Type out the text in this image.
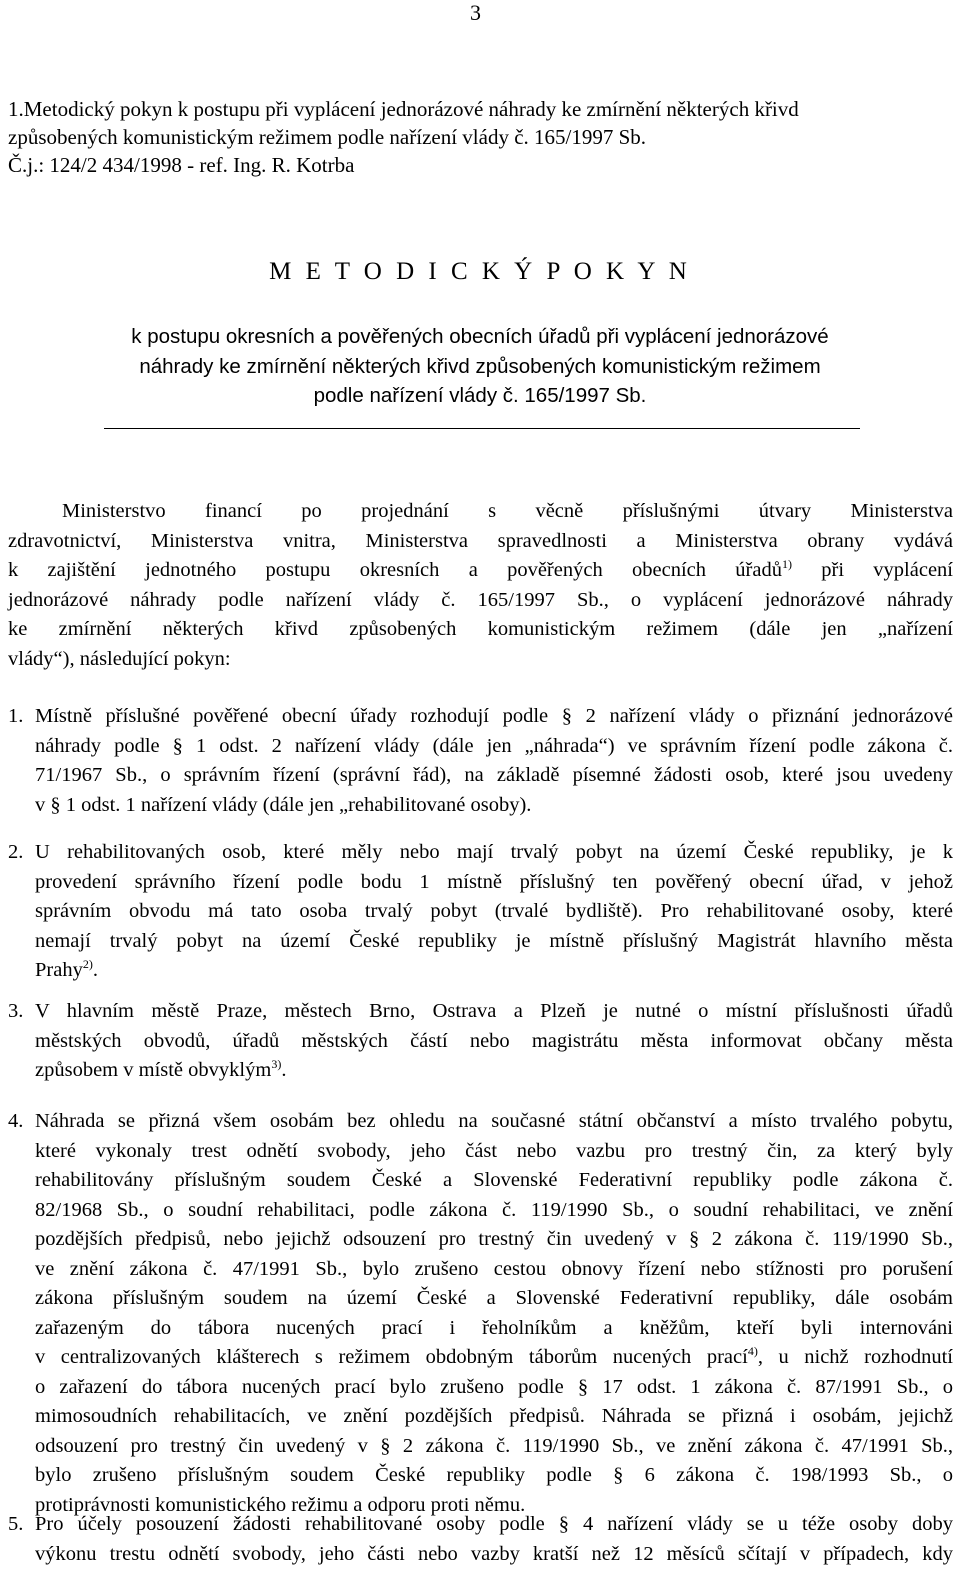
3
1.Metodický pokyn k postupu při vyplácení jednorázové náhrady ke zmírnění některých křivd
způsobených komunistickým režimem podle nařízení vlády č. 165/1997 Sb.
Č.j.: 124/2 434/1998 - ref. Ing. R. Kotrba
M E T O D I C K Ý P O K Y N
k postupu okresních a pověřených obecních úřadů při vyplácení jednorázové
náhrady ke zmírnění některých křivd způsobených komunistickým režimem
podle nařízení vlády č. 165/1997 Sb.
Ministerstvo financí po projednání s věcně příslušnými útvary Ministerstva
zdravotnictví, Ministerstva vnitra, Ministerstva spravedlnosti a Ministerstva obrany vydává
k zajištění jednotného postupu okresních a pověřených obecních úřadů$^{1)}$ při vyplácení
jednorázové náhrady podle nařízení vlády č. 165/1997 Sb., o vyplácení jednorázové náhrady
ke zmírnění některých křivd způsobených komunistickým režimem (dále jen „nařízení
vlády“), následující pokyn:
1. Místně příslušné pověřené obecní úřady rozhodují podle § 2 nařízení vlády o přiznání jednorázové
náhrady podle § 1 odst. 2 nařízení vlády (dále jen „náhrada“) ve správním řízení podle zákona č.
71/1967 Sb., o správním řízení (správní řád), na základě písemné žádosti osob, které jsou uvedeny
v § 1 odst. 1 nařízení vlády (dále jen „rehabilitované osoby).
2. U rehabilitovaných osob, které měly nebo mají trvalý pobyt na území České republiky, je k
provedení správního řízení podle bodu 1 místně příslušný ten pověřený obecní úřad, v jehož
správním obvodu má tato osoba trvalý pobyt (trvalé bydliště). Pro rehabilitované osoby, které
nemají trvalý pobyt na území České republiky je místně příslušný Magistrát hlavního města
Prahy$^{2)}$.
3. V hlavním městě Praze, městech Brno, Ostrava a Plzeň je nutné o místní příslušnosti úřadů
městských obvodů, úřadů městských částí nebo magistrátu města informovat občany města
způsobem v místě obvyklým$^{3)}$.
4. Náhrada se přizná všem osobám bez ohledu na současné státní občanství a místo trvalého pobytu,
které vykonaly trest odnětí svobody, jeho část nebo vazbu pro trestný čin, za který byly
rehabilitovány příslušným soudem České a Slovenské Federativní republiky podle zákona č.
82/1968 Sb., o soudní rehabilitaci, podle zákona č. 119/1990 Sb., o soudní rehabilitaci, ve znění
pozdějších předpisů, nebo jejichž odsouzení pro trestný čin uvedený v § 2 zákona č. 119/1990 Sb.,
ve znění zákona č. 47/1991 Sb., bylo zrušeno cestou obnovy řízení nebo stížnosti pro porušení
zákona příslušným soudem na území České a Slovenské Federativní republiky, dále osobám
zařazeným do tábora nucených prací i řeholníkům a kněžům, kteří byli internováni
v centralizovaných klášterech s režimem obdobným táborům nucených prací$^{4)}$, u nichž rozhodnutí
o zařazení do tábora nucených prací bylo zrušeno podle § 17 odst. 1 zákona č. 87/1991 Sb., o
mimosoudních rehabilitacích, ve znění pozdějších předpisů. Náhrada se přizná i osobám, jejichž
odsouzení pro trestný čin uvedený v § 2 zákona č. 119/1990 Sb., ve znění zákona č. 47/1991 Sb.,
bylo zrušeno příslušným soudem České republiky podle § 6 zákona č. 198/1993 Sb., o
protiprávnosti komunistického režimu a odporu proti němu.
5. Pro účely posouzení žádosti rehabilitované osoby podle § 4 nařízení vlády se u téže osoby doby
výkonu trestu odnětí svobody, jeho části nebo vazby kratší než 12 měsíců sčítají v případech, kdy
